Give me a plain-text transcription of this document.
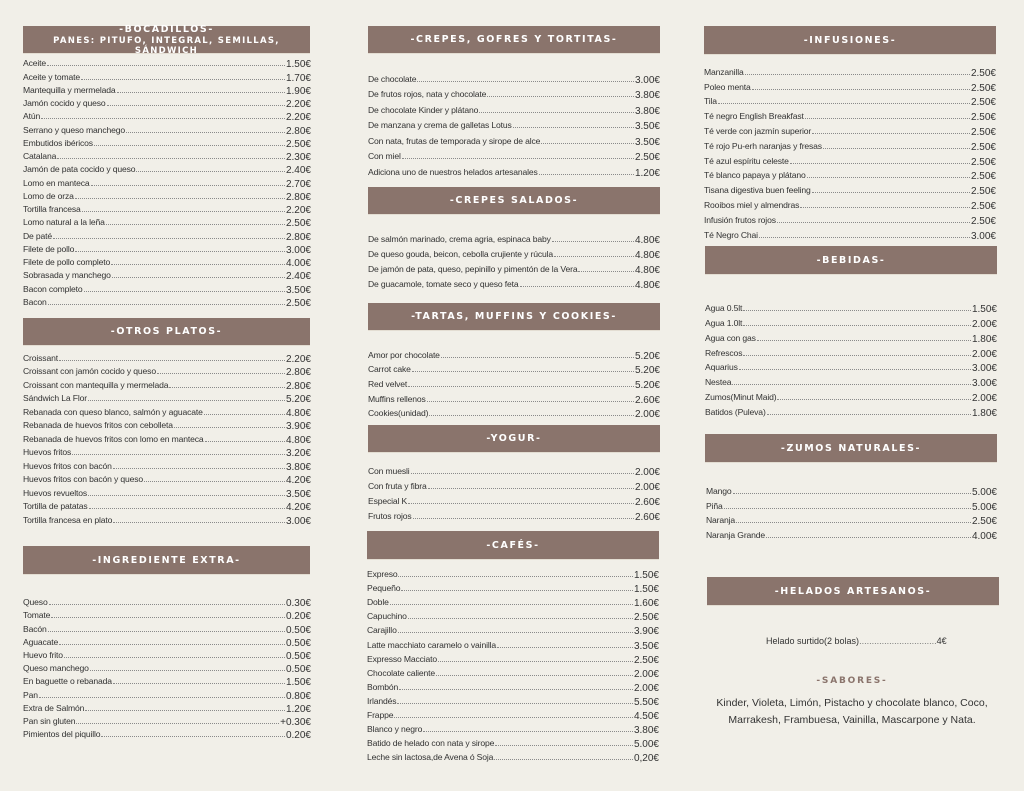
-BOCADILLOS-
PANES: PITUFO, INTEGRAL, SEMILLAS, SÁNDWICH
Aceite	1.50€
Aceite y tomate	1.70€
Mantequilla y mermelada	1.90€
Jamón cocido y queso	2.20€
Atún	2.20€
Serrano y queso manchego	2.80€
Embutidos ibéricos	2.50€
Catalana	2.30€
Jamón de pata cocido y queso	2.40€
Lomo en manteca	2.70€
Lomo de orza	2.80€
Tortilla francesa	2.20€
Lomo natural a la leña	2.50€
De paté	2.80€
Filete de pollo	3.00€
Filete de pollo completo	4.00€
Sobrasada y manchego	2.40€
Bacon completo	3.50€
Bacon	2.50€
-OTROS PLATOS-
Croissant	2.20€
Croissant con jamón cocido y queso	2.80€
Croissant con mantequilla y mermelada	2.80€
Sándwich La Flor	5.20€
Rebanada con queso blanco, salmón y aguacate	4.80€
Rebanada de huevos fritos con cebolleta	3.90€
Rebanada de huevos fritos con lomo en manteca	4.80€
Huevos fritos	3.20€
Huevos fritos con bacón	3.80€
Huevos fritos con bacón y queso	4.20€
Huevos revueltos	3.50€
Tortilla de patatas	4.20€
Tortilla francesa en plato	3.00€
-INGREDIENTE EXTRA-
Queso	0.30€
Tomate	0.20€
Bacón	0.50€
Aguacate	0.50€
Huevo frito	0.50€
Queso manchego	0.50€
En baguette o rebanada	1.50€
Pan	0.80€
Extra de Salmón	1.20€
Pan sin gluten	+0.30€
Pimientos del piquillo	0.20€
-CREPES, GOFRES Y TORTITAS-
De chocolate	3.00€
De frutos rojos, nata y chocolate	3.80€
De chocolate Kinder y plátano	3.80€
De manzana y crema de galletas Lotus	3.50€
Con nata, frutas de temporada y sirope de alce	3.50€
Con miel	2.50€
Adiciona uno de nuestros helados artesanales	1.20€
-CREPES SALADOS-
De salmón marinado, crema agria, espinaca baby	4.80€
De queso gouda, beicon, cebolla crujiente y rúcula	4.80€
De jamón de pata, queso, pepinillo y pimentón de la Vera	4.80€
De guacamole, tomate seco y queso feta	4.80€
-TARTAS, MUFFINS Y COOKIES-
Amor por chocolate	5.20€
Carrot cake	5.20€
Red velvet	5.20€
Muffins rellenos	2.60€
Cookies(unidad)	2.00€
-YOGUR-
Con muesli	2.00€
Con fruta y fibra	2.00€
Especial K	2.60€
Frutos rojos	2.60€
-CAFÉS-
Expreso	1.50€
Pequeño	1.50€
Doble	1.60€
Capuchino	2.50€
Carajillo	3.90€
Latte macchiato caramelo o vainilla	3.50€
Expresso Macciato	2.50€
Chocolate caliente	2.00€
Bombón	2.00€
Irlandés	5.50€
Frappe	4.50€
Blanco y negro	3.80€
Batido de helado con nata y sirope	5.00€
Leche sin lactosa,de Avena ó Soja	0,20€
-INFUSIONES-
Manzanilla	2.50€
Poleo menta	2.50€
Tila	2.50€
Té negro English Breakfast	2.50€
Té verde con jazmín superior	2.50€
Té rojo Pu-erh naranjas y fresas	2.50€
Té azul espíritu celeste	2.50€
Té blanco papaya y plátano	2.50€
Tisana digestiva buen feeling	2.50€
Rooibos miel y almendras	2.50€
Infusión frutos rojos	2.50€
Té Negro Chai	3.00€
-BEBIDAS-
Agua 0.5lt	1.50€
Agua 1.0lt	2.00€
Agua con gas	1.80€
Refrescos	2.00€
Aquarius	3.00€
Nestea	3.00€
Zumos(Minut Maid)	2.00€
Batidos (Puleva)	1.80€
-ZUMOS NATURALES-
Mango	5.00€
Piña	5.00€
Naranja	2.50€
Naranja Grande	4.00€
-HELADOS ARTESANOS-
Helado surtido(2 bolas)...............................4€
-SABORES-
Kinder, Violeta, Limón, Pistacho y chocolate blanco, Coco, Marrakesh, Frambuesa, Vainilla, Mascarpone y Nata.
